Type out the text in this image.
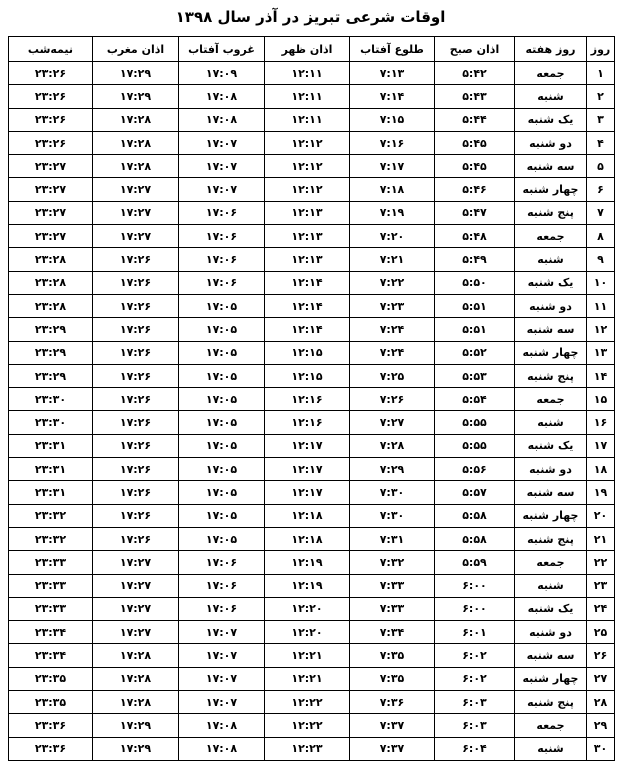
اوقات شرعی تبریز در آذر سال ۱۳۹۸
روز	روز هفته	اذان صبح	طلوع آفتاب	اذان ظهر	غروب آفتاب	اذان مغرب	نیمه‌شب
۱	جمعه	۵:۴۲	۷:۱۳	۱۲:۱۱	۱۷:۰۹	۱۷:۲۹	۲۳:۲۶
۲	شنبه	۵:۴۳	۷:۱۴	۱۲:۱۱	۱۷:۰۸	۱۷:۲۹	۲۳:۲۶
۳	یک شنبه	۵:۴۴	۷:۱۵	۱۲:۱۱	۱۷:۰۸	۱۷:۲۸	۲۳:۲۶
۴	دو شنبه	۵:۴۵	۷:۱۶	۱۲:۱۲	۱۷:۰۷	۱۷:۲۸	۲۳:۲۶
۵	سه شنبه	۵:۴۵	۷:۱۷	۱۲:۱۲	۱۷:۰۷	۱۷:۲۸	۲۳:۲۷
۶	چهار شنبه	۵:۴۶	۷:۱۸	۱۲:۱۲	۱۷:۰۷	۱۷:۲۷	۲۳:۲۷
۷	پنج شنبه	۵:۴۷	۷:۱۹	۱۲:۱۳	۱۷:۰۶	۱۷:۲۷	۲۳:۲۷
۸	جمعه	۵:۴۸	۷:۲۰	۱۲:۱۳	۱۷:۰۶	۱۷:۲۷	۲۳:۲۷
۹	شنبه	۵:۴۹	۷:۲۱	۱۲:۱۳	۱۷:۰۶	۱۷:۲۶	۲۳:۲۸
۱۰	یک شنبه	۵:۵۰	۷:۲۲	۱۲:۱۴	۱۷:۰۶	۱۷:۲۶	۲۳:۲۸
۱۱	دو شنبه	۵:۵۱	۷:۲۳	۱۲:۱۴	۱۷:۰۵	۱۷:۲۶	۲۳:۲۸
۱۲	سه شنبه	۵:۵۱	۷:۲۴	۱۲:۱۴	۱۷:۰۵	۱۷:۲۶	۲۳:۲۹
۱۳	چهار شنبه	۵:۵۲	۷:۲۴	۱۲:۱۵	۱۷:۰۵	۱۷:۲۶	۲۳:۲۹
۱۴	پنج شنبه	۵:۵۳	۷:۲۵	۱۲:۱۵	۱۷:۰۵	۱۷:۲۶	۲۳:۲۹
۱۵	جمعه	۵:۵۴	۷:۲۶	۱۲:۱۶	۱۷:۰۵	۱۷:۲۶	۲۳:۳۰
۱۶	شنبه	۵:۵۵	۷:۲۷	۱۲:۱۶	۱۷:۰۵	۱۷:۲۶	۲۳:۳۰
۱۷	یک شنبه	۵:۵۵	۷:۲۸	۱۲:۱۷	۱۷:۰۵	۱۷:۲۶	۲۳:۳۱
۱۸	دو شنبه	۵:۵۶	۷:۲۹	۱۲:۱۷	۱۷:۰۵	۱۷:۲۶	۲۳:۳۱
۱۹	سه شنبه	۵:۵۷	۷:۳۰	۱۲:۱۷	۱۷:۰۵	۱۷:۲۶	۲۳:۳۱
۲۰	چهار شنبه	۵:۵۸	۷:۳۰	۱۲:۱۸	۱۷:۰۵	۱۷:۲۶	۲۳:۳۲
۲۱	پنج شنبه	۵:۵۸	۷:۳۱	۱۲:۱۸	۱۷:۰۵	۱۷:۲۶	۲۳:۳۲
۲۲	جمعه	۵:۵۹	۷:۳۲	۱۲:۱۹	۱۷:۰۶	۱۷:۲۷	۲۳:۳۳
۲۳	شنبه	۶:۰۰	۷:۳۳	۱۲:۱۹	۱۷:۰۶	۱۷:۲۷	۲۳:۳۳
۲۴	یک شنبه	۶:۰۰	۷:۳۳	۱۲:۲۰	۱۷:۰۶	۱۷:۲۷	۲۳:۳۳
۲۵	دو شنبه	۶:۰۱	۷:۳۴	۱۲:۲۰	۱۷:۰۷	۱۷:۲۷	۲۳:۳۴
۲۶	سه شنبه	۶:۰۲	۷:۳۵	۱۲:۲۱	۱۷:۰۷	۱۷:۲۸	۲۳:۳۴
۲۷	چهار شنبه	۶:۰۲	۷:۳۵	۱۲:۲۱	۱۷:۰۷	۱۷:۲۸	۲۳:۳۵
۲۸	پنج شنبه	۶:۰۳	۷:۳۶	۱۲:۲۲	۱۷:۰۷	۱۷:۲۸	۲۳:۳۵
۲۹	جمعه	۶:۰۳	۷:۳۷	۱۲:۲۲	۱۷:۰۸	۱۷:۲۹	۲۳:۳۶
۳۰	شنبه	۶:۰۴	۷:۳۷	۱۲:۲۳	۱۷:۰۸	۱۷:۲۹	۲۳:۳۶
